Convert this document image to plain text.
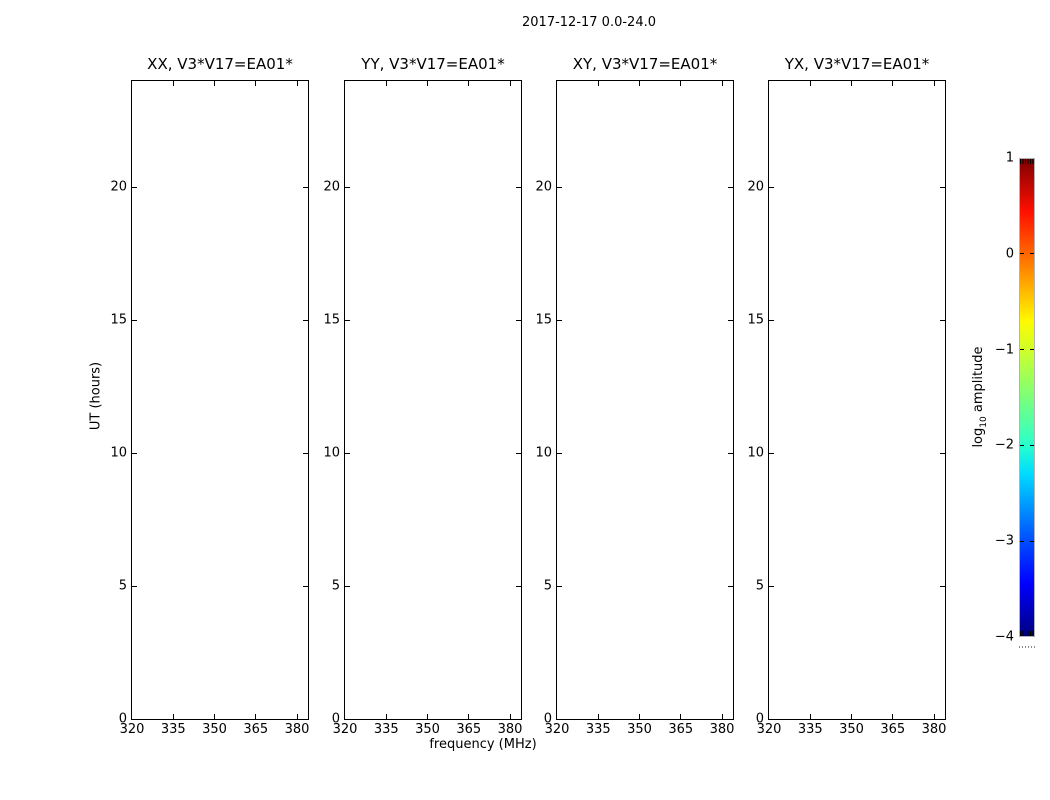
2017-12-17 0.0-24.0
UT (hours)
frequency (MHz)
XX, V3*V17=EA01*	YY, V3*V17=EA01*	XY, V3*V17=EA01*	YX, V3*V17=EA01*
$\log_{10}$ amplitude
320 335 350 365 380
0
5
10
15
20
320 335 350 365 380
0
5
10
15
20
320 335 350 365 380
0
5
10
15
20
320 335 350 365 380
0
5
10
15
20
1
0
−1
−2
−3
−4
